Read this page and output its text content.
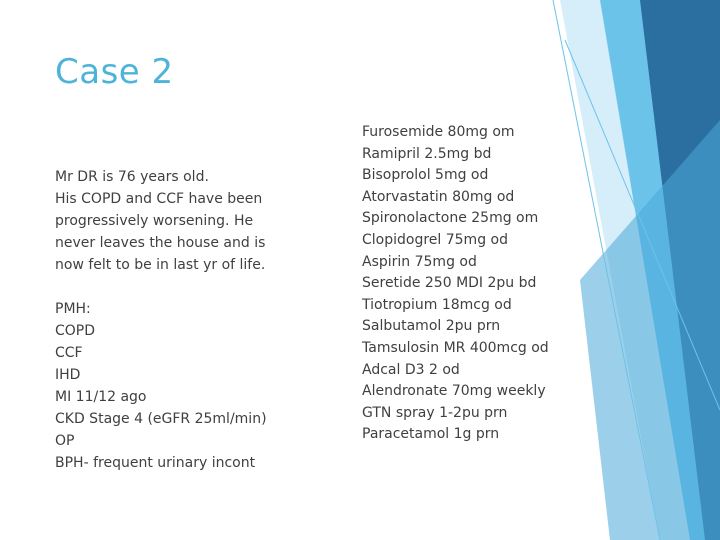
Case 2
Mr DR is 76 years old.
His COPD and CCF have been
progressively worsening. He
never leaves the house and is
now felt to be in last yr of life.
PMH:
COPD
CCF
IHD
MI 11/12 ago
CKD Stage 4 (eGFR 25ml/min)
OP
BPH- frequent urinary incont
Furosemide 80mg om
Ramipril 2.5mg bd
Bisoprolol 5mg od
Atorvastatin 80mg od
Spironolactone 25mg om
Clopidogrel 75mg od
Aspirin 75mg od
Seretide 250 MDI 2pu bd
Tiotropium 18mcg od
Salbutamol 2pu prn
Tamsulosin MR 400mcg od
Adcal D3 2 od
Alendronate 70mg weekly
GTN spray 1-2pu prn
Paracetamol 1g prn
